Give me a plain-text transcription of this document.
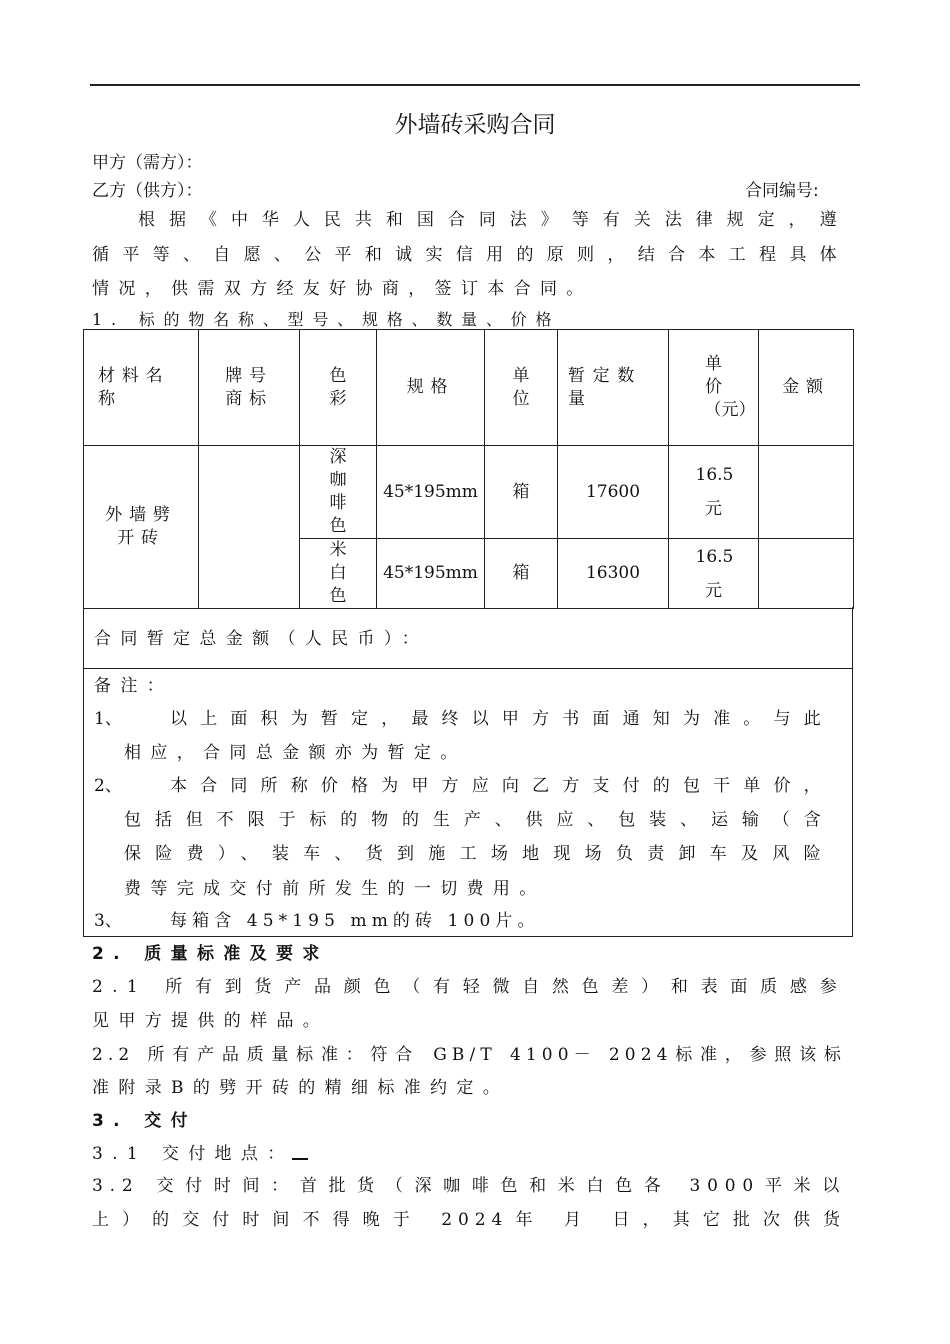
外墙砖采购合同
甲方（需方）：
乙方（供方）：	合同编号:
根据《中华人民共和国合同法》等有关法律规定，遵
循平等、自愿、公平和诚实信用的原则，结合本工程具体
情况，供需双方经友好协商，签订本合同。
1. 标的物名称、型号、规格、数量、价格
材料名称	牌号商标	色彩	规格	单位	暂定数量	单价（元）	金额

外墙劈开砖		深咖啡色	45*195mm	箱	17600	16.5元	

		米白色	45*195mm	箱	16300	16.5元	

合同暂定总金额（人民币）：
备注：
1、	以上面积为暂定，最终以甲方书面通知为准。与此
相应，合同总金额亦为暂定。
2、	本合同所称价格为甲方应向乙方支付的包干单价，
包括但不限于标的物的生产、供应、包装、运输（含
保险费）、装车、货到施工场地现场负责卸车及风险
费等完成交付前所发生的一切费用。
3、	每箱含 45*195 mm的砖 100片。
2. 质量标准及要求
2.1 所有到货产品颜色（有轻微自然色差）和表面质感参
见甲方提供的样品。
2.2 所有产品质量标准：符合 GB/T 4100－ 2024标准，参照该标
准附录B的劈开砖的精细标准约定。
3. 交付
3.1 交付地点：
3.2 交付时间：首批货（深咖啡色和米白色各 3000平米以
上）的交付时间不得晚于 2024年 月 日，其它批次供货
